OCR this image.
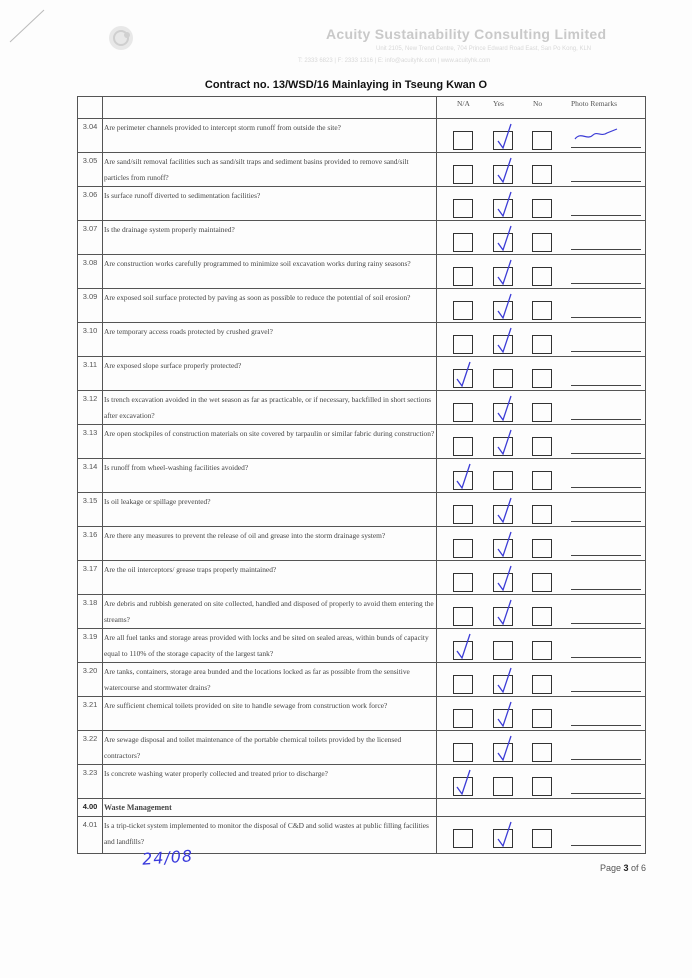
Acuity Sustainability Consulting Limited
Unit 2105, New Trend Centre, 704 Prince Edward Road East, San Po Kong, KLN
T: 2333 6823 | F: 2333 1316 | E: info@acuityhk.com | www.acuityhk.com
Contract no. 13/WSD/16 Mainlaying in Tseung Kwan O

		N/A Yes No Photo Remarks

3.04	Are perimeter channels provided to intercept storm runoff from outside the site?	

3.05	Are sand/silt removal facilities such as sand/silt traps and sediment basins provided to remove sand/silt particles from runoff?	

3.06	Is surface runoff diverted to sedimentation facilities?	

3.07	Is the drainage system properly maintained?	

3.08	Are construction works carefully programmed to minimize soil excavation works during rainy seasons?	

3.09	Are exposed soil surface protected by paving as soon as possible to reduce the potential of soil erosion?	

3.10	Are temporary access roads protected by crushed gravel?	

3.11	Are exposed slope surface properly protected?	

3.12	Is trench excavation avoided in the wet season as far as practicable, or if necessary, backfilled in short sections after excavation?	

3.13	Are open stockpiles of construction materials on site covered by tarpaulin or similar fabric during construction?	

3.14	Is runoff from wheel-washing facilities avoided?	

3.15	Is oil leakage or spillage prevented?	

3.16	Are there any measures to prevent the release of oil and grease into the storm drainage system?	

3.17	Are the oil interceptors/ grease traps properly maintained?	

3.18	Are debris and rubbish generated on site collected, handled and disposed of properly to avoid them entering the streams?	

3.19	Are all fuel tanks and storage areas provided with locks and be sited on sealed areas, within bunds of capacity equal to 110% of the storage capacity of the largest tank?	

3.20	Are tanks, containers, storage area bunded and the locations locked as far as possible from the sensitive watercourse and stormwater drains?	

3.21	Are sufficient chemical toilets provided on site to handle sewage from construction work force?	

3.22	Are sewage disposal and toilet maintenance of the portable chemical toilets provided by the licensed contractors?	

3.23	Is concrete washing water properly collected and treated prior to discharge?	

4.00	Waste Management	
4.01	Is a trip-ticket system implemented to monitor the disposal of C&D and solid wastes at public filling facilities and landfills?	
24/08	Page 3 of 6
